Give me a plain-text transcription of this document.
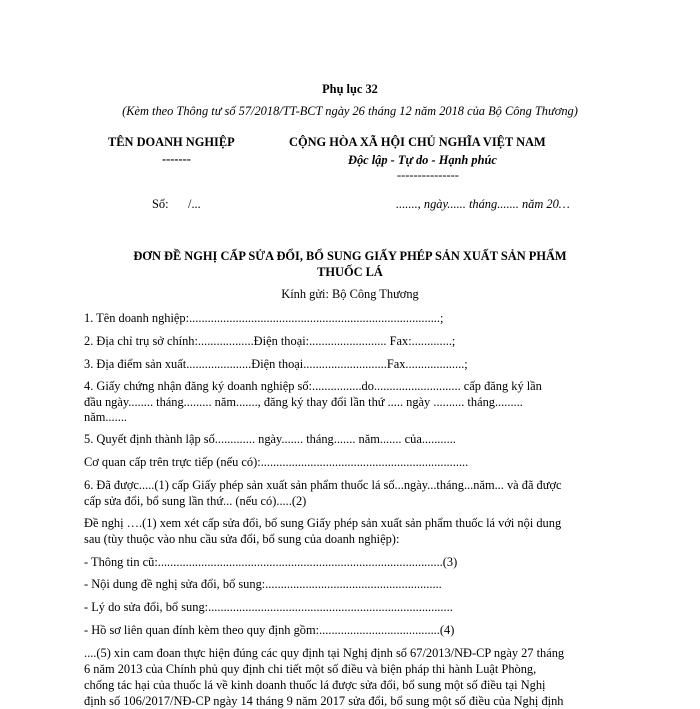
Phụ lục 32
(Kèm theo Thông tư số 57/2018/TT-BCT ngày 26 tháng 12 năm 2018 của Bộ Công Thương)
TÊN DOANH NGHIỆP
-------
CỘNG HÒA XÃ HỘI CHỦ NGHĨA VIỆT NAM
Độc lập - Tự do - Hạnh phúc
---------------
Số: /...	......., ngày...... tháng....... năm 20…
ĐƠN ĐỀ NGHỊ CẤP SỬA ĐỔI, BỔ SUNG GIẤY PHÉP SẢN XUẤT SẢN PHẨM
THUỐC LÁ
Kính gửi: Bộ Công Thương
1. Tên doanh nghiệp:.................................................................................;
2. Địa chỉ trụ sở chính:..................Điện thoại:......................... Fax:.............;
3. Địa điểm sản xuất.....................Điện thoại...........................Fax...................;
4. Giấy chứng nhận đăng ký doanh nghiệp số:................do............................ cấp đăng ký lần
đầu ngày........ tháng......... năm......., đăng ký thay đổi lần thứ ..... ngày .......... tháng.........
năm.......
5. Quyết định thành lập số............. ngày....... tháng....... năm....... của...........
Cơ quan cấp trên trực tiếp (nếu có):...................................................................
6. Đã được.....(1) cấp Giấy phép sản xuất sản phẩm thuốc lá số...ngày...tháng...năm... và đã được
cấp sửa đổi, bổ sung lần thứ... (nếu có).....(2)
Đề nghị ….(1) xem xét cấp sửa đổi, bổ sung Giấy phép sản xuất sản phẩm thuốc lá với nội dung
sau (tùy thuộc vào nhu cầu sửa đổi, bổ sung của doanh nghiệp):
- Thông tin cũ:............................................................................................(3)
- Nội dung đề nghị sửa đổi, bổ sung:.........................................................
- Lý do sửa đổi, bổ sung:...............................................................................
- Hồ sơ liên quan đính kèm theo quy định gồm:.......................................(4)
....(5) xin cam đoan thực hiện đúng các quy định tại Nghị định số 67/2013/NĐ-CP ngày 27 tháng
6 năm 2013 của Chính phủ quy định chi tiết một số điều và biện pháp thi hành Luật Phòng,
chống tác hại của thuốc lá về kinh doanh thuốc lá được sửa đổi, bổ sung một số điều tại Nghị
định số 106/2017/NĐ-CP ngày 14 tháng 9 năm 2017 sửa đổi, bổ sung một số điều của Nghị định
